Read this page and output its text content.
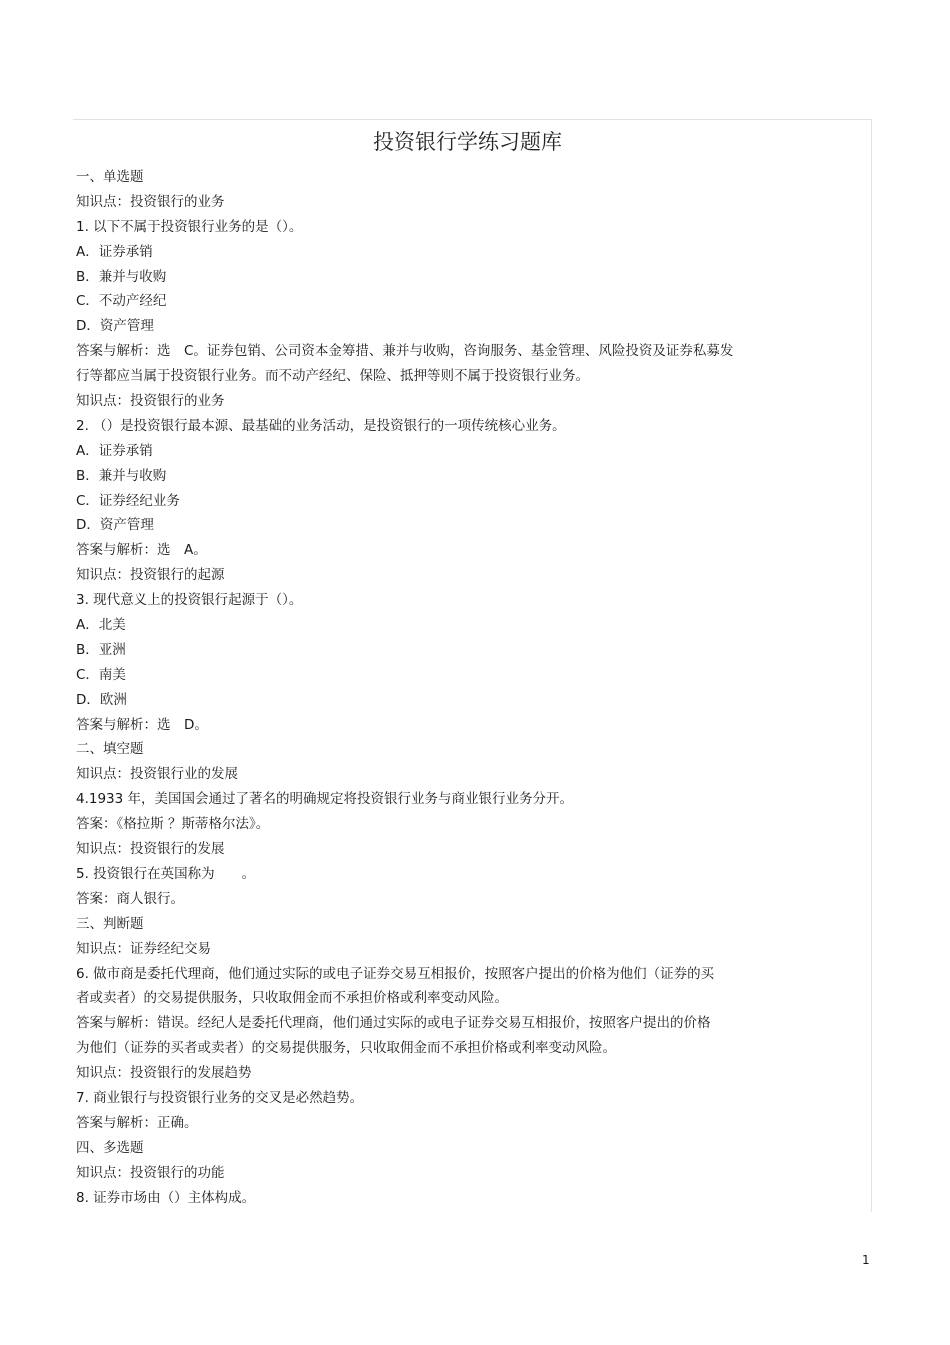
投资银行学练习题库
一、单选题
知识点：投资银行的业务
1. 以下不属于投资银行业务的是（）。
A．证券承销
B．兼并与收购
C．不动产经纪
D．资产管理
答案与解析：选　C。证券包销、公司资本金筹措、兼并与收购，咨询服务、基金管理、风险投资及证券私募发
行等都应当属于投资银行业务。而不动产经纪、保险、抵押等则不属于投资银行业务。
知识点：投资银行的业务
2. （）是投资银行最本源、最基础的业务活动，是投资银行的一项传统核心业务。
A．证券承销
B．兼并与收购
C．证券经纪业务
D．资产管理
答案与解析：选　A。
知识点：投资银行的起源
3. 现代意义上的投资银行起源于（）。
A．北美
B．亚洲
C．南美
D．欧洲
答案与解析：选　D。
二、填空题
知识点：投资银行业的发展
4.1933 年，美国国会通过了著名的明确规定将投资银行业务与商业银行业务分开。
答案：《格拉斯 ？斯蒂格尔法》。
知识点：投资银行的发展
5. 投资银行在英国称为　　。
答案：商人银行。
三、判断题
知识点：证券经纪交易
6. 做市商是委托代理商，他们通过实际的或电子证券交易互相报价，按照客户提出的价格为他们（证券的买
者或卖者）的交易提供服务，只收取佣金而不承担价格或利率变动风险。
答案与解析：错误。经纪人是委托代理商，他们通过实际的或电子证券交易互相报价，按照客户提出的价格
为他们（证券的买者或卖者）的交易提供服务，只收取佣金而不承担价格或利率变动风险。
知识点：投资银行的发展趋势
7. 商业银行与投资银行业务的交叉是必然趋势。
答案与解析：正确。
四、多选题
知识点：投资银行的功能
8. 证券市场由（）主体构成。
1
